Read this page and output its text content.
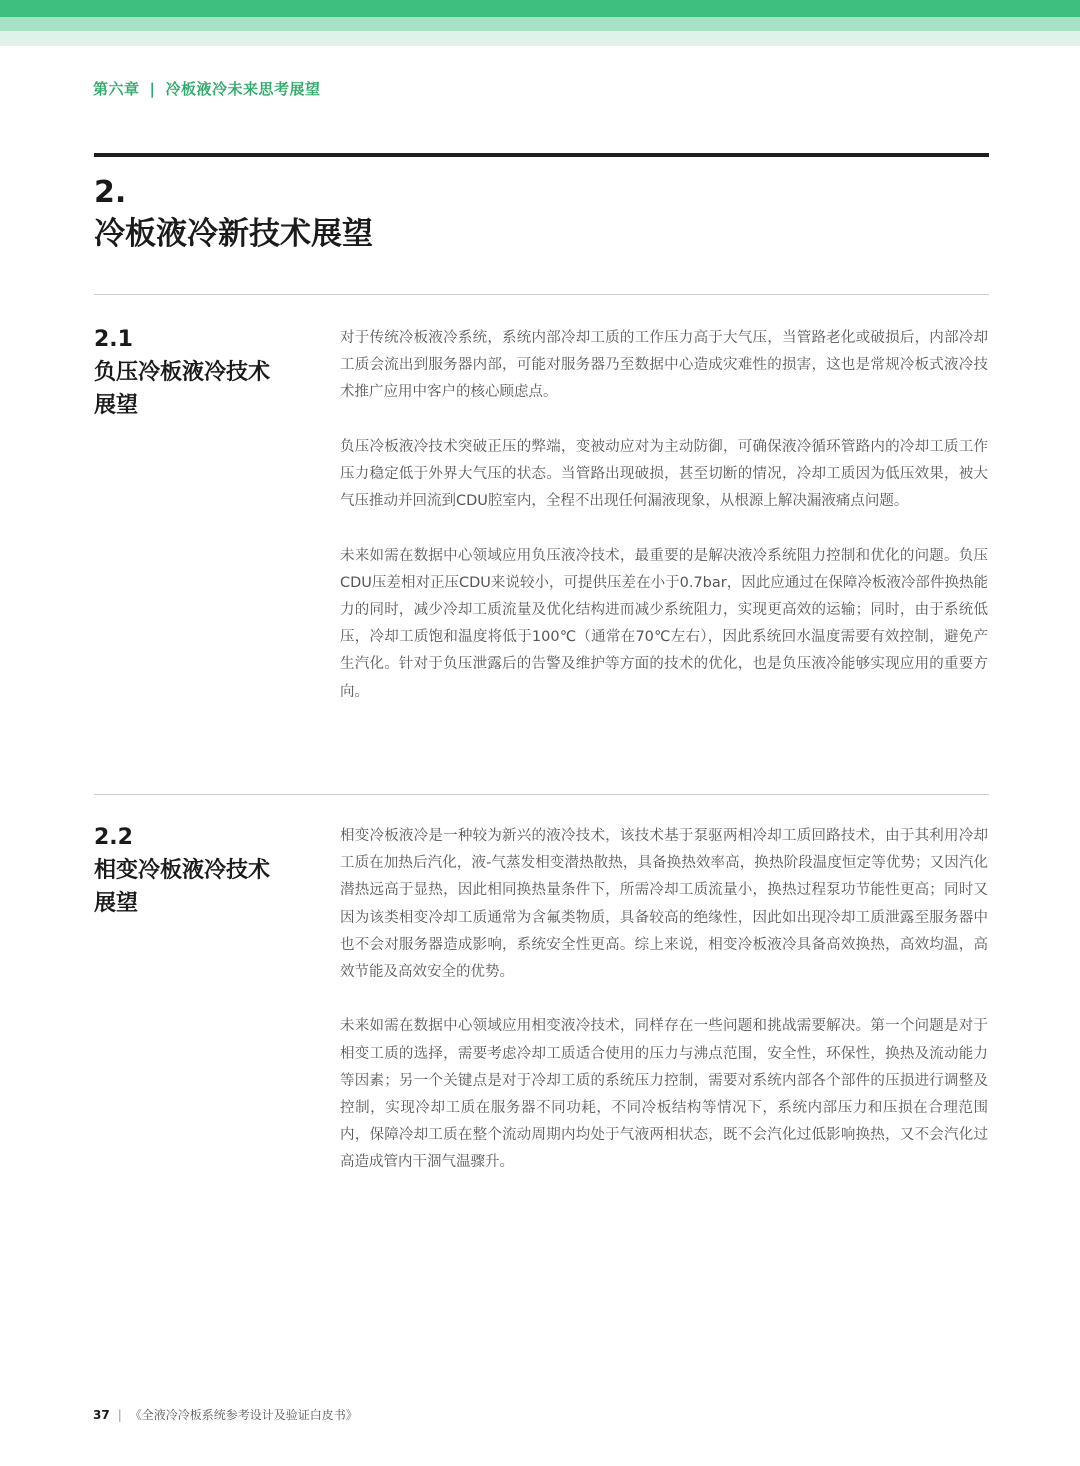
第六章 | 冷板液冷未来思考展望
2.
冷板液冷新技术展望
2.1
负压冷板液冷技术
展望

对于传统冷板液冷系统，系统内部冷却工质的工作压力高于大气压，当管路老化或破损后，内部冷却工质会流出到服务器内部，可能对服务器乃至数据中心造成灾难性的损害，这也是常规冷板式液冷技术推广应用中客户的核心顾虑点。

负压冷板液冷技术突破正压的弊端，变被动应对为主动防御，可确保液冷循环管路内的冷却工质工作压力稳定低于外界大气压的状态。当管路出现破损，甚至切断的情况，冷却工质因为低压效果，被大气压推动并回流到CDU腔室内，全程不出现任何漏液现象，从根源上解决漏液痛点问题。

未来如需在数据中心领域应用负压液冷技术，最重要的是解决液冷系统阻力控制和优化的问题。负压CDU压差相对正压CDU来说较小，可提供压差在小于0.7bar，因此应通过在保障冷板液冷部件换热能力的同时，减少冷却工质流量及优化结构进而减少系统阻力，实现更高效的运输；同时，由于系统低压，冷却工质饱和温度将低于100℃（通常在70℃左右），因此系统回水温度需要有效控制，避免产生汽化。针对于负压泄露后的告警及维护等方面的技术的优化，也是负压液冷能够实现应用的重要方向。

2.2
相变冷板液冷技术
展望

相变冷板液冷是一种较为新兴的液冷技术，该技术基于泵驱两相冷却工质回路技术，由于其利用冷却工质在加热后汽化，液-气蒸发相变潜热散热，具备换热效率高，换热阶段温度恒定等优势；又因汽化潜热远高于显热，因此相同换热量条件下，所需冷却工质流量小，换热过程泵功节能性更高；同时又因为该类相变冷却工质通常为含氟类物质，具备较高的绝缘性，因此如出现冷却工质泄露至服务器中也不会对服务器造成影响，系统安全性更高。综上来说，相变冷板液冷具备高效换热，高效均温，高效节能及高效安全的优势。

未来如需在数据中心领域应用相变液冷技术，同样存在一些问题和挑战需要解决。第一个问题是对于相变工质的选择，需要考虑冷却工质适合使用的压力与沸点范围，安全性，环保性，换热及流动能力等因素；另一个关键点是对于冷却工质的系统压力控制，需要对系统内部各个部件的压损进行调整及控制，实现冷却工质在服务器不同功耗，不同冷板结构等情况下，系统内部压力和压损在合理范围内，保障冷却工质在整个流动周期内均处于气液两相状态，既不会汽化过低影响换热，又不会汽化过高造成管内干涸气温骤升。

37 | 《全液冷冷板系统参考设计及验证白皮书》
